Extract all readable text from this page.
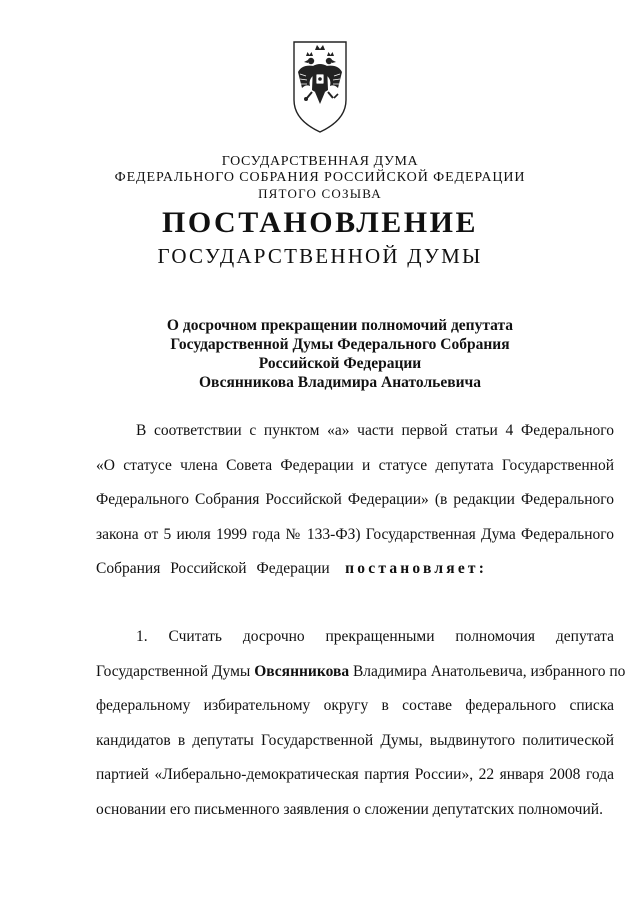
ГОСУДАРСТВЕННАЯ ДУМА
ФЕДЕРАЛЬНОГО СОБРАНИЯ РОССИЙСКОЙ ФЕДЕРАЦИИ
ПЯТОГО СОЗЫВА
ПОСТАНОВЛЕНИЕ
ГОСУДАРСТВЕННОЙ ДУМЫ
О досрочном прекращении полномочий депутата
Государственной Думы Федерального Собрания
Российской Федерации
Овсянникова Владимира Анатольевича
В соответствии с пунктом «а» части первой статьи 4 Федерального
«О статусе члена Совета Федерации и статусе депутата Государственной
Федерального Собрания Российской Федерации» (в редакции Федерального
закона от 5 июля 1999 года № 133-ФЗ) Государственная Дума Федерального
Собрания Российской Федерации постановляет:
1. Считать досрочно прекращенными полномочия депутата
Государственной Думы Овсянникова Владимира Анатольевича, избранного по
федеральному избирательному округу в составе федерального списка
кандидатов в депутаты Государственной Думы, выдвинутого политической
партией «Либерально-демократическая партия России», 22 января 2008 года
основании его письменного заявления о сложении депутатских полномочий.
